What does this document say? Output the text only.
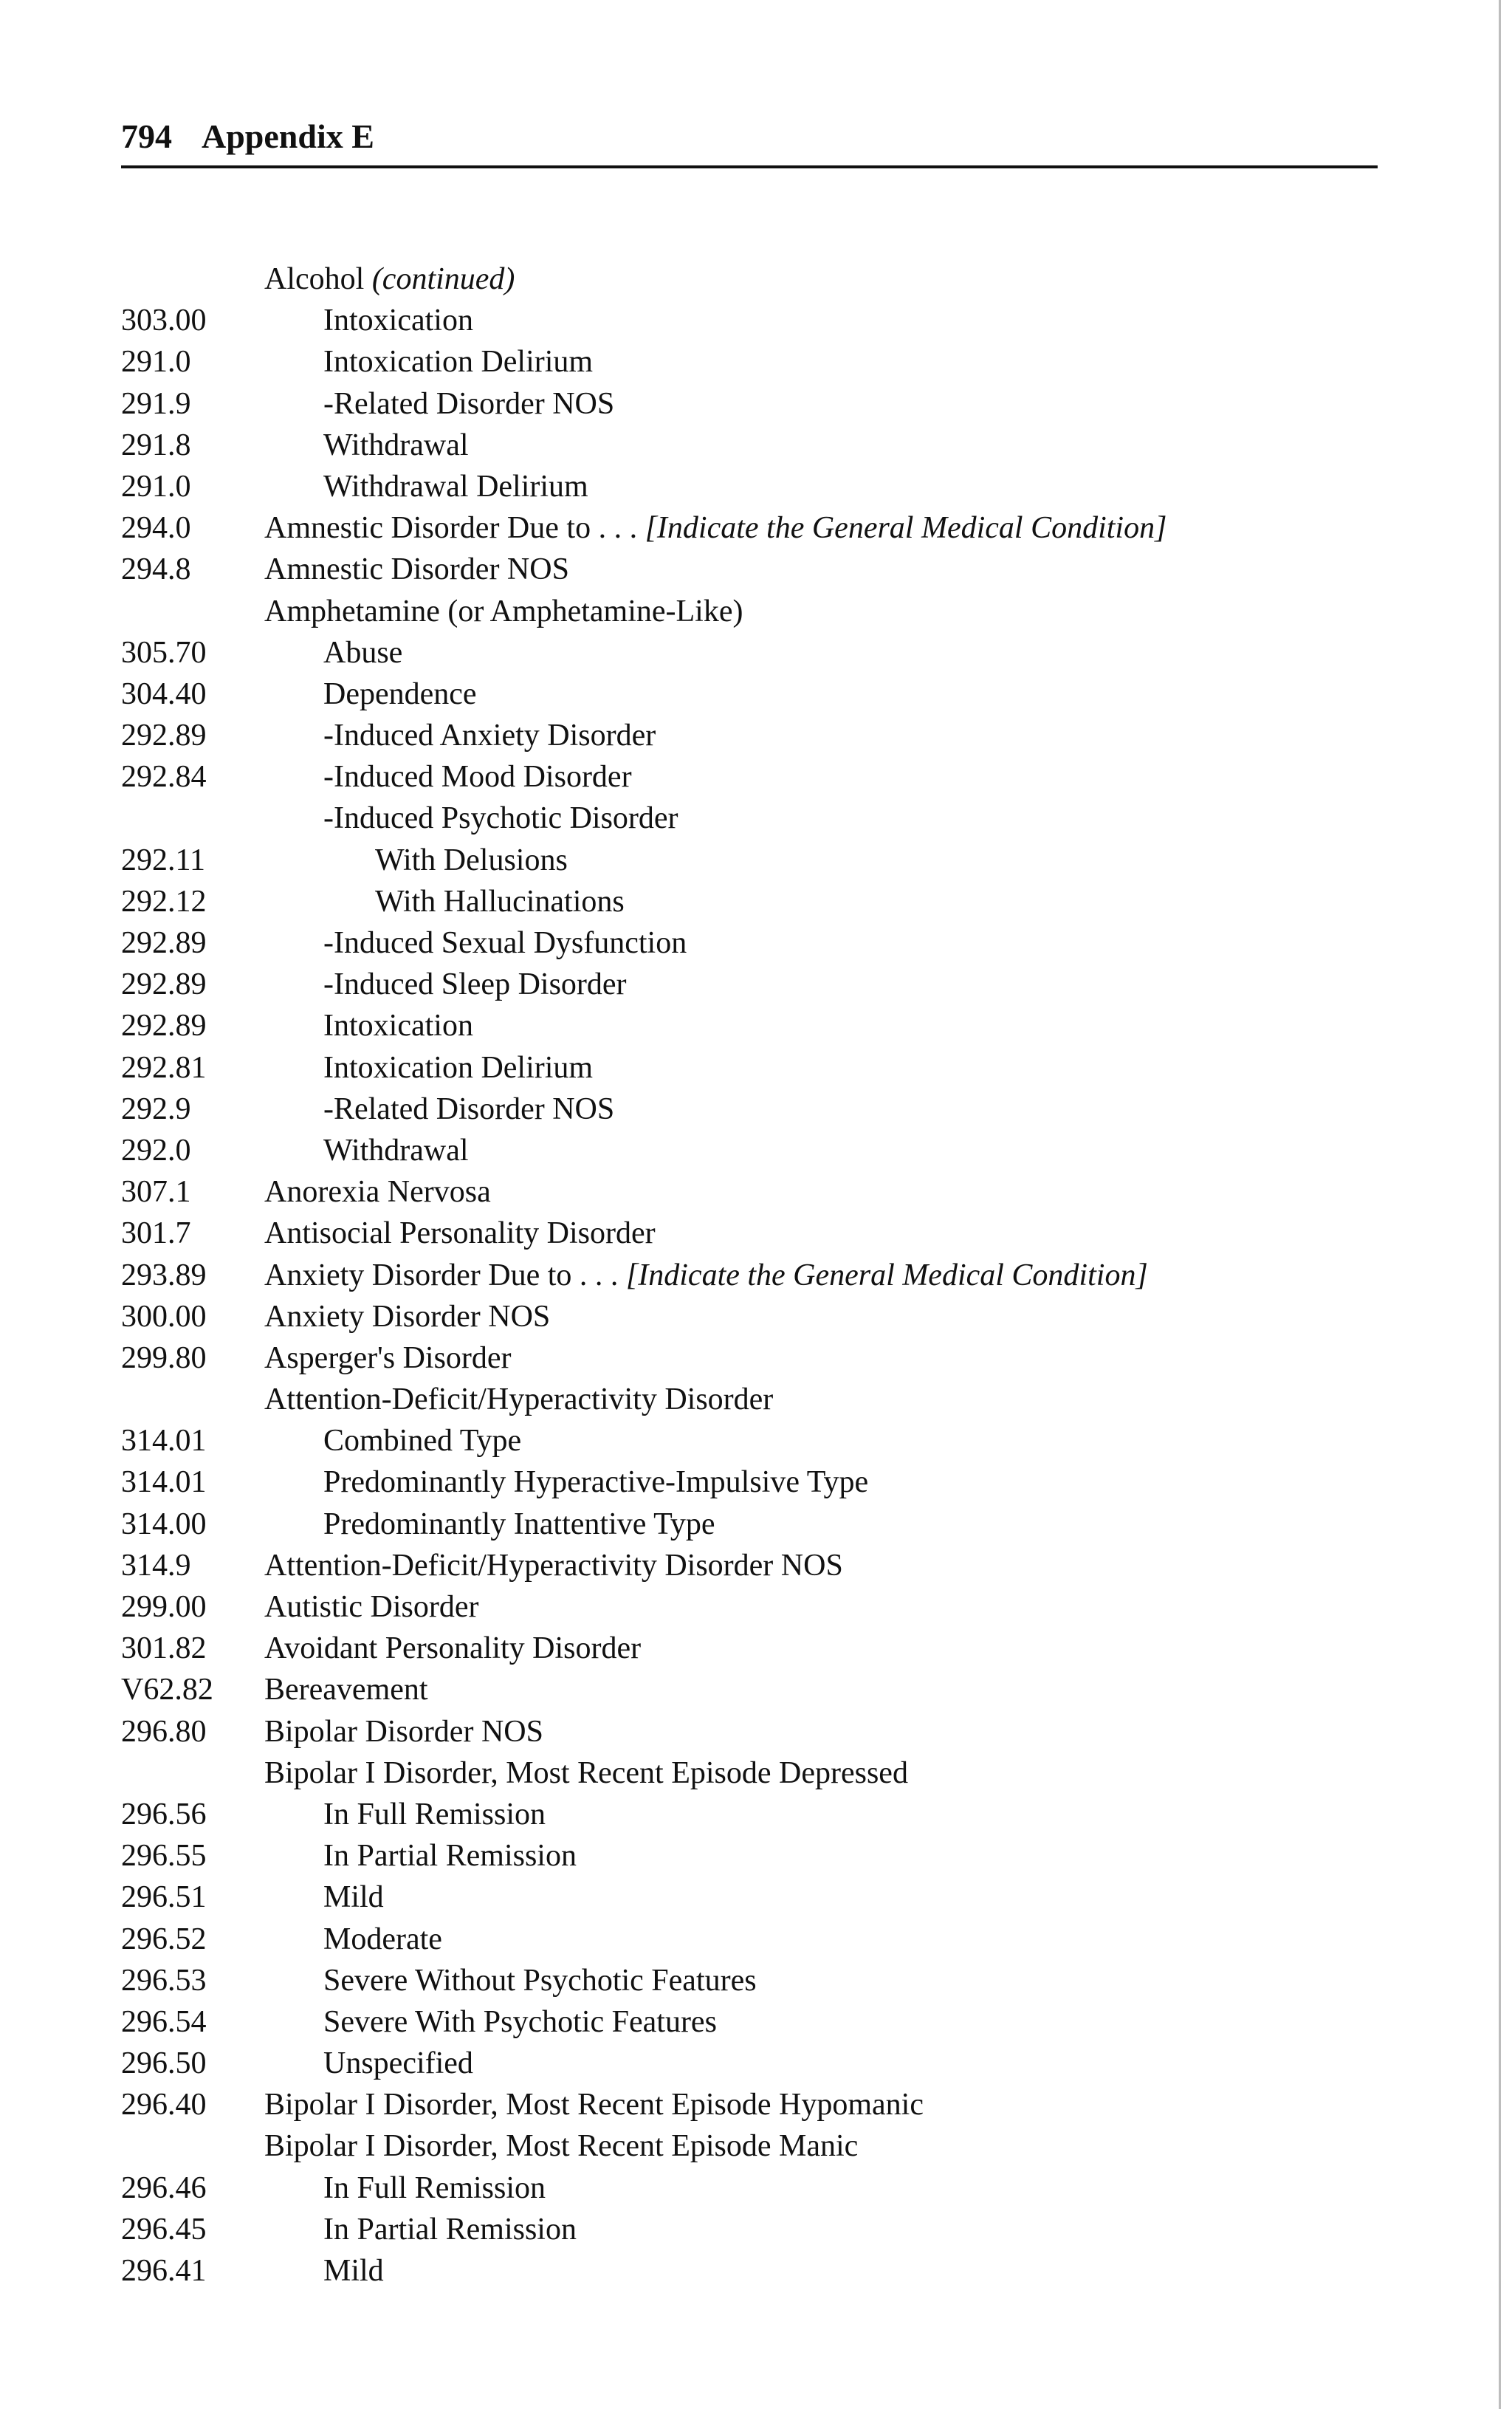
794 Appendix E
Alcohol (continued)
303.00	Intoxication
291.0	Intoxication Delirium
291.9	-Related Disorder NOS
291.8	Withdrawal
291.0	Withdrawal Delirium
294.0 Amnestic Disorder Due to . . . [Indicate the General Medical Condition]
294.8 Amnestic Disorder NOS
Amphetamine (or Amphetamine-Like)
305.70	Abuse
304.40	Dependence
292.89	-Induced Anxiety Disorder
292.84	-Induced Mood Disorder
-Induced Psychotic Disorder
292.11	With Delusions
292.12	With Hallucinations
292.89	-Induced Sexual Dysfunction
292.89	-Induced Sleep Disorder
292.89	Intoxication
292.81	Intoxication Delirium
292.9	-Related Disorder NOS
292.0	Withdrawal
307.1 Anorexia Nervosa
301.7 Antisocial Personality Disorder
293.89 Anxiety Disorder Due to . . . [Indicate the General Medical Condition]
300.00 Anxiety Disorder NOS
299.80 Asperger's Disorder
Attention-Deficit/Hyperactivity Disorder
314.01	Combined Type
314.01	Predominantly Hyperactive-Impulsive Type
314.00	Predominantly Inattentive Type
314.9 Attention-Deficit/Hyperactivity Disorder NOS
299.00 Autistic Disorder
301.82 Avoidant Personality Disorder
V62.82 Bereavement
296.80 Bipolar Disorder NOS
Bipolar I Disorder, Most Recent Episode Depressed
296.56	In Full Remission
296.55	In Partial Remission
296.51	Mild
296.52	Moderate
296.53	Severe Without Psychotic Features
296.54	Severe With Psychotic Features
296.50	Unspecified
296.40 Bipolar I Disorder, Most Recent Episode Hypomanic
Bipolar I Disorder, Most Recent Episode Manic
296.46	In Full Remission
296.45	In Partial Remission
296.41	Mild
